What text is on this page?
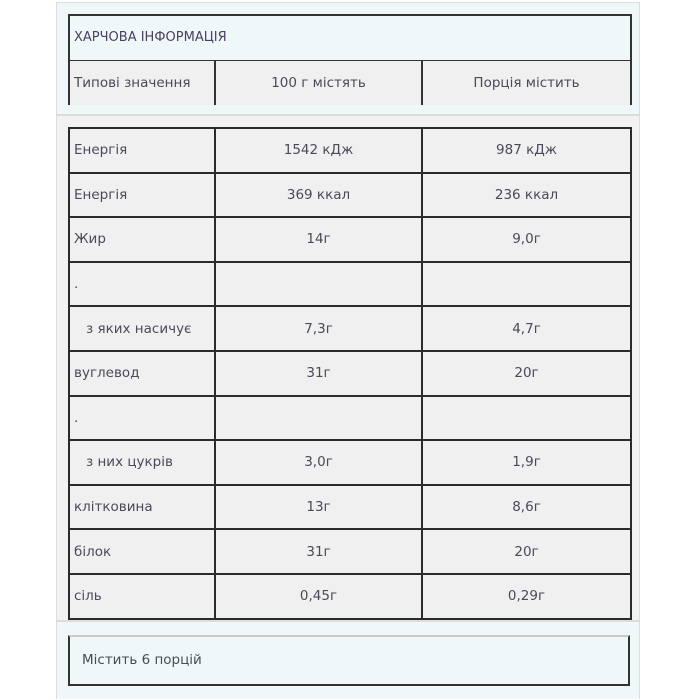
ХАРЧОВА ІНФОРМАЦІЯ
Типові значення	100 г містять	Порція містить
Енергія	1542 кДж	987 кДж
Енергія	369 ккал	236 ккал
Жир	14г	9,0г
.		
з яких насичує	7,3г	4,7г
вуглевод	31г	20г
.		
з них цукрів	3,0г	1,9г
клітковина	13г	8,6г
білок	31г	20г
сіль	0,45г	0,29г
Містить 6 порцій
